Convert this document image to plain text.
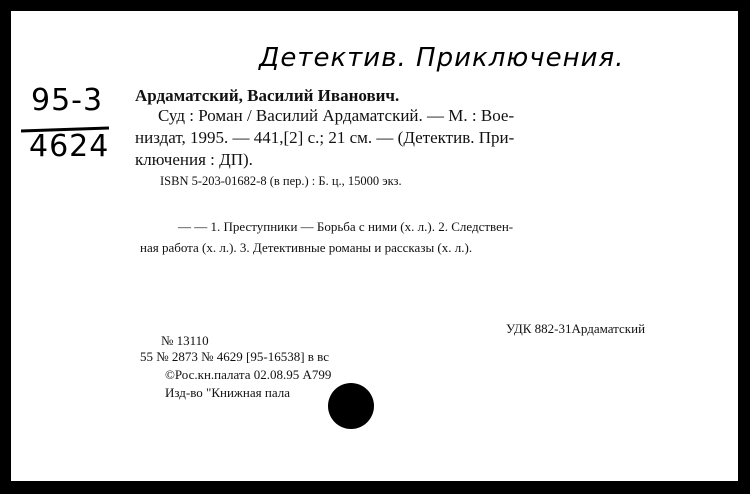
Детектив. Приключения.
95-3
4624
Ардаматский, Василий Иванович.
Суд : Роман / Василий Ардаматский. — М. : Вое-
низдат, 1995. — 441,[2] с.; 21 см. — (Детектив. При-
ключения : ДП).
ISBN 5-203-01682-8 (в пер.) : Б. ц., 15000 экз.
— — 1. Преступники — Борьба с ними (х. л.). 2. Следствен-
ная работа (х. л.). 3. Детективные романы и рассказы (х. л.).
№ 13110
УДК 882-31Ардаматский
55 № 2873 № 4629 [95-16538] в вс
©Рос.кн.палата 02.08.95 А799
Изд-во "Книжная пала
